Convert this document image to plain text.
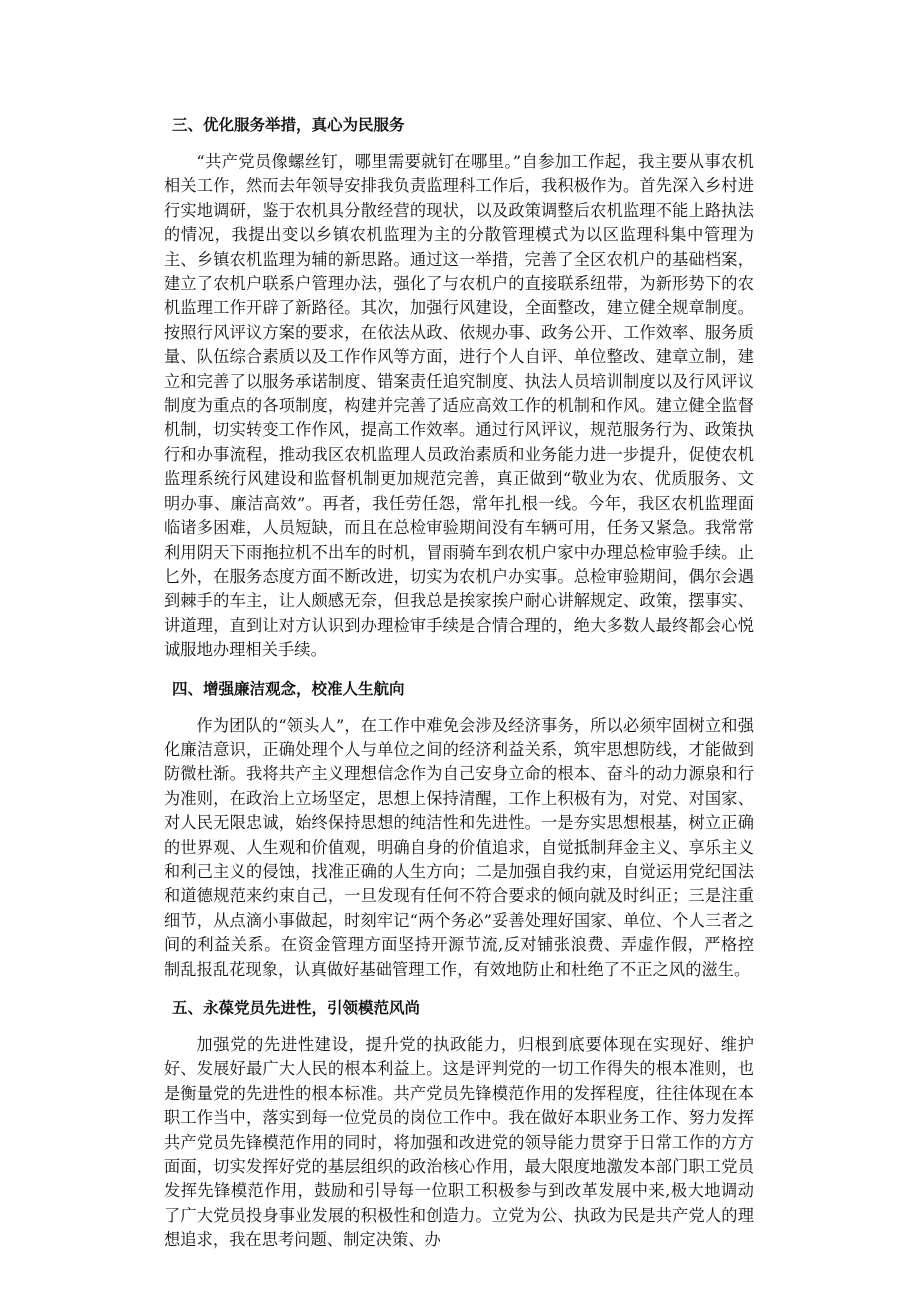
三、优化服务举措，真心为民服务

“共产党员像螺丝钉，哪里需要就钉在哪里。”自参加工作起，我主要从事农机相关工作，然而去年领导安排我负责监理科工作后，我积极作为。首先深入乡村进行实地调研，鉴于农机具分散经营的现状，以及政策调整后农机监理不能上路执法的情况，我提出变以乡镇农机监理为主的分散管理模式为以区监理科集中管理为主、乡镇农机监理为辅的新思路。通过这一举措，完善了全区农机户的基础档案，建立了农机户联系户管理办法，强化了与农机户的直接联系纽带，为新形势下的农机监理工作开辟了新路径。其次，加强行风建设，全面整改，建立健全规章制度。按照行风评议方案的要求，在依法从政、依规办事、政务公开、工作效率、服务质量、队伍综合素质以及工作作风等方面，进行个人自评、单位整改、建章立制，建立和完善了以服务承诺制度、错案责任追究制度、执法人员培训制度以及行风评议制度为重点的各项制度，构建并完善了适应高效工作的机制和作风。建立健全监督机制，切实转变工作作风，提高工作效率。通过行风评议，规范服务行为、政策执行和办事流程，推动我区农机监理人员政治素质和业务能力进一步提升，促使农机监理系统行风建设和监督机制更加规范完善，真正做到“敬业为农、优质服务、文明办事、廉洁高效”。再者，我任劳任怨，常年扎根一线。今年，我区农机监理面临诸多困难，人员短缺，而且在总检审验期间没有车辆可用，任务又紧急。我常常利用阴天下雨拖拉机不出车的时机，冒雨骑车到农机户家中办理总检审验手续。止匕外，在服务态度方面不断改进，切实为农机户办实事。总检审验期间，偶尔会遇到棘手的车主，让人颇感无奈，但我总是挨家挨户耐心讲解规定、政策，摆事实、讲道理，直到让对方认识到办理检审手续是合情合理的，绝大多数人最终都会心悦诚服地办理相关手续。

四、增强廉洁观念，校准人生航向

作为团队的“领头人”，在工作中难免会涉及经济事务，所以必须牢固树立和强化廉洁意识，正确处理个人与单位之间的经济利益关系，筑牢思想防线，才能做到防微杜渐。我将共产主义理想信念作为自己安身立命的根本、奋斗的动力源泉和行为准则，在政治上立场坚定，思想上保持清醒，工作上积极有为，对党、对国家、对人民无限忠诚，始终保持思想的纯洁性和先进性。一是夯实思想根基，树立正确的世界观、人生观和价值观，明确自身的价值追求，自觉抵制拜金主义、享乐主义和利己主义的侵蚀，找准正确的人生方向；二是加强自我约束，自觉运用党纪国法和道德规范来约束自己，一旦发现有任何不符合要求的倾向就及时纠正；三是注重细节，从点滴小事做起，时刻牢记“两个务必”妥善处理好国家、单位、个人三者之间的利益关系。在资金管理方面坚持开源节流,反对铺张浪费、弄虚作假，严格控制乱报乱花现象，认真做好基础管理工作，有效地防止和杜绝了不正之风的滋生。

五、永葆党员先进性，引领模范风尚

加强党的先进性建设，提升党的执政能力，归根到底要体现在实现好、维护好、发展好最广大人民的根本利益上。这是评判党的一切工作得失的根本准则，也是衡量党的先进性的根本标准。共产党员先锋模范作用的发挥程度，往往体现在本职工作当中，落实到每一位党员的岗位工作中。我在做好本职业务工作、努力发挥共产党员先锋模范作用的同时，将加强和改进党的领导能力贯穿于日常工作的方方面面，切实发挥好党的基层组织的政治核心作用，最大限度地激发本部门职工党员发挥先锋模范作用，鼓励和引导每一位职工积极参与到改革发展中来,极大地调动了广大党员投身事业发展的积极性和创造力。立党为公、执政为民是共产党人的理想追求，我在思考问题、制定决策、办
